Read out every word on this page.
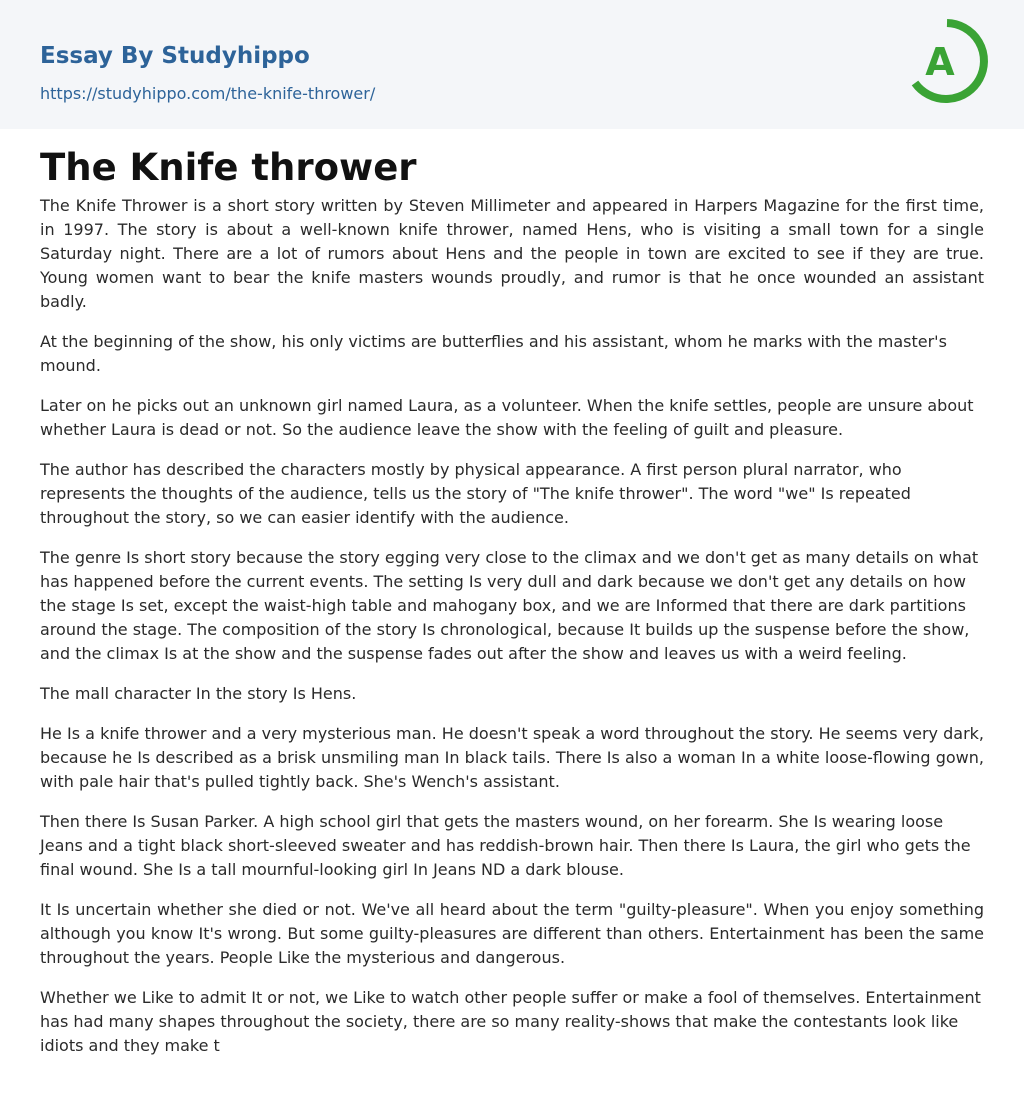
Essay By Studyhippo
https://studyhippo.com/the-knife-thrower/
A
The Knife thrower

The Knife Thrower is a short story written by Steven Millimeter and appeared in Harpers Magazine for the first time, in 1997. The story is about a well-known knife thrower, named Hens, who is visiting a small town for a single Saturday night. There are a lot of rumors about Hens and the people in town are excited to see if they are true. Young women want to bear the knife masters wounds proudly, and rumor is that he once wounded an assistant badly.

At the beginning of the show, his only victims are butterflies and his assistant, whom he marks with the master's mound.

Later on he picks out an unknown girl named Laura, as a volunteer. When the knife settles, people are unsure about whether Laura is dead or not. So the audience leave the show with the feeling of guilt and pleasure.

The author has described the characters mostly by physical appearance. A first person plural narrator, who represents the thoughts of the audience, tells us the story of "The knife thrower". The word "we" Is repeated throughout the story, so we can easier identify with the audience.

The genre Is short story because the story egging very close to the climax and we don't get as many details on what has happened before the current events. The setting Is very dull and dark because we don't get any details on how the stage Is set, except the waist-high table and mahogany box, and we are Informed that there are dark partitions around the stage. The composition of the story Is chronological, because It builds up the suspense before the show, and the climax Is at the show and the suspense fades out after the show and leaves us with a weird feeling.

The mall character In the story Is Hens.

He Is a knife thrower and a very mysterious man. He doesn't speak a word throughout the story. He seems very dark, because he Is described as a brisk unsmiling man In black tails. There Is also a woman In a white loose-flowing gown, with pale hair that's pulled tightly back. She's Wench's assistant.

Then there Is Susan Parker. A high school girl that gets the masters wound, on her forearm. She Is wearing loose Jeans and a tight black short-sleeved sweater and has reddish-brown hair. Then there Is Laura, the girl who gets the final wound. She Is a tall mournful-looking girl In Jeans ND a dark blouse.

It Is uncertain whether she died or not. We've all heard about the term "guilty-pleasure". When you enjoy something although you know It's wrong. But some guilty-pleasures are different than others. Entertainment has been the same throughout the years. People Like the mysterious and dangerous.

Whether we Like to admit It or not, we Like to watch other people suffer or make a fool of themselves. Entertainment has had many shapes throughout the society, there are so many reality-shows that make the contestants look like idiots and they make t
